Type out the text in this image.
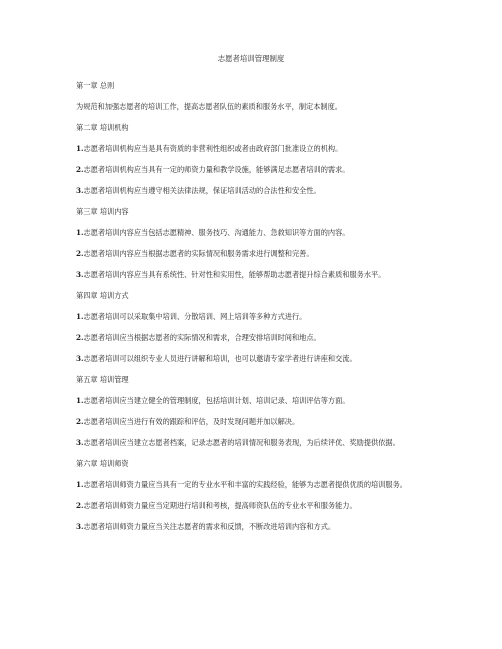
志愿者培训管理制度
第一章 总则
为规范和加强志愿者的培训工作，提高志愿者队伍的素质和服务水平，制定本制度。
第二章 培训机构
1.志愿者培训机构应当是具有资质的非营利性组织或者由政府部门批准设立的机构。
2.志愿者培训机构应当具有一定的师资力量和教学设施，能够满足志愿者培训的需求。
3.志愿者培训机构应当遵守相关法律法规，保证培训活动的合法性和安全性。
第三章 培训内容
1.志愿者培训内容应当包括志愿精神、服务技巧、沟通能力、急救知识等方面的内容。
2.志愿者培训内容应当根据志愿者的实际情况和服务需求进行调整和完善。
3.志愿者培训内容应当具有系统性、针对性和实用性，能够帮助志愿者提升综合素质和服务水平。
第四章 培训方式
1.志愿者培训可以采取集中培训、分散培训、网上培训等多种方式进行。
2.志愿者培训应当根据志愿者的实际情况和需求，合理安排培训时间和地点。
3.志愿者培训可以组织专业人员进行讲解和培训，也可以邀请专家学者进行讲座和交流。
第五章 培训管理
1.志愿者培训应当建立健全的管理制度，包括培训计划、培训记录、培训评估等方面。
2.志愿者培训应当进行有效的跟踪和评估，及时发现问题并加以解决。
3.志愿者培训应当建立志愿者档案，记录志愿者的培训情况和服务表现，为后续评优、奖励提供依据。
第六章 培训师资
1.志愿者培训师资力量应当具有一定的专业水平和丰富的实践经验，能够为志愿者提供优质的培训服务。
2.志愿者培训师资力量应当定期进行培训和考核，提高师资队伍的专业水平和服务能力。
3.志愿者培训师资力量应当关注志愿者的需求和反馈，不断改进培训内容和方式。
